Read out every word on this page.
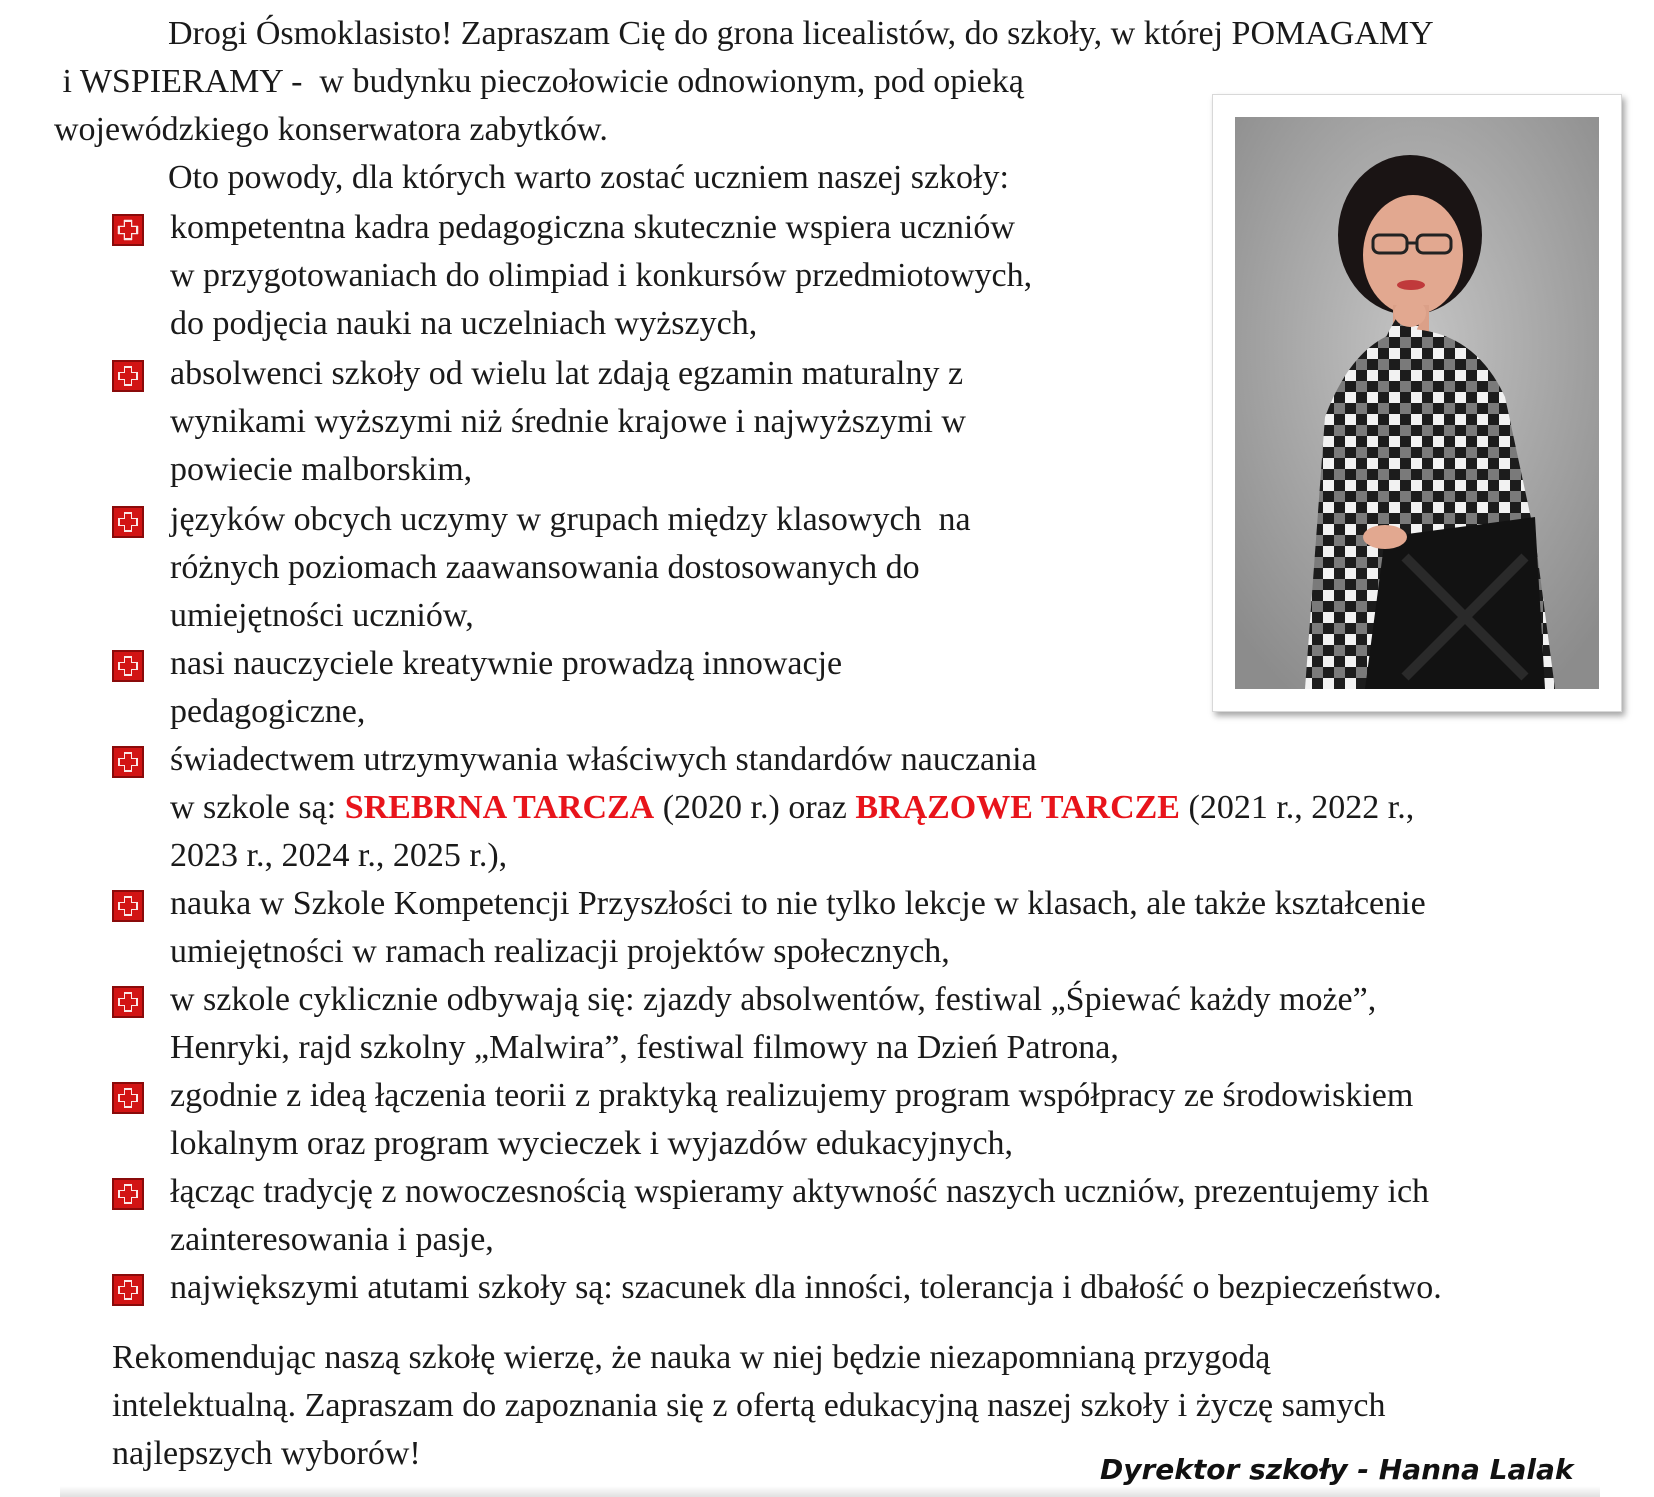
Drogi Ósmoklasisto! Zapraszam Cię do grona licealistów, do szkoły, w której POMAGAMY

i WSPIERAMY -  w budynku pieczołowicie odnowionym, pod opieką

wojewódzkiego konserwatora zabytków.

Oto powody, dla których warto zostać uczniem naszej szkoły:

kompetentna kadra pedagogiczna skutecznie wspiera uczniów
w przygotowaniach do olimpiad i konkursów przedmiotowych,
do podjęcia nauki na uczelniach wyższych,
absolwenci szkoły od wielu lat zdają egzamin maturalny z
wynikami wyższymi niż średnie krajowe i najwyższymi w
powiecie malborskim,
języków obcych uczymy w grupach między klasowych  na
różnych poziomach zaawansowania dostosowanych do
umiejętności uczniów,
nasi nauczyciele kreatywnie prowadzą innowacje
pedagogiczne,
świadectwem utrzymywania właściwych standardów nauczania
w szkole są: SREBRNA TARCZA (2020 r.) oraz BRĄZOWE TARCZE (2021 r., 2022 r.,
2023 r., 2024 r., 2025 r.),
nauka w Szkole Kompetencji Przyszłości to nie tylko lekcje w klasach, ale także kształcenie
umiejętności w ramach realizacji projektów społecznych,
w szkole cyklicznie odbywają się: zjazdy absolwentów, festiwal „Śpiewać każdy może”,
Henryki, rajd szkolny „Malwira”, festiwal filmowy na Dzień Patrona,
zgodnie z ideą łączenia teorii z praktyką realizujemy program współpracy ze środowiskiem
lokalnym oraz program wycieczek i wyjazdów edukacyjnych,
łącząc tradycję z nowoczesnością wspieramy aktywność naszych uczniów, prezentujemy ich
zainteresowania i pasje,
największymi atutami szkoły są: szacunek dla inności, tolerancja i dbałość o bezpieczeństwo.

Rekomendując naszą szkołę wierzę, że nauka w niej będzie niezapomnianą przygodą

intelektualną. Zapraszam do zapoznania się z ofertą edukacyjną naszej szkoły i życzę samych

najlepszych wyborów!	Dyrektor szkoły - Hanna Lalak
